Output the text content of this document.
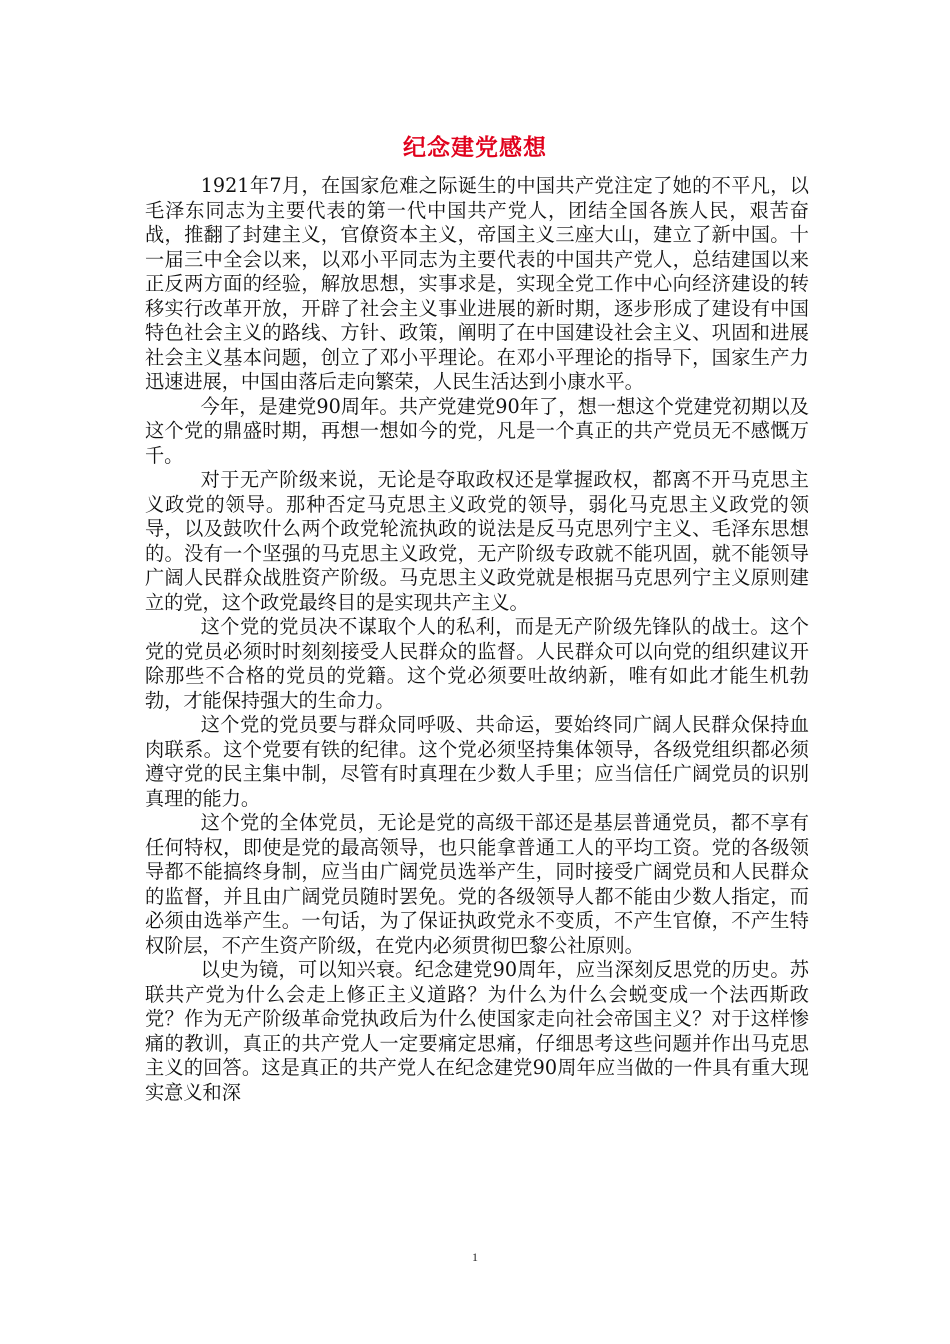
纪念建党感想

1921年7月，在国家危难之际诞生的中国共产党注定了她的不平凡，以毛泽东同志为主要代表的第一代中国共产党人，团结全国各族人民，艰苦奋战，推翻了封建主义，官僚资本主义，帝国主义三座大山，建立了新中国。十一届三中全会以来，以邓小平同志为主要代表的中国共产党人，总结建国以来正反两方面的经验，解放思想，实事求是，实现全党工作中心向经济建设的转移实行改革开放，开辟了社会主义事业进展的新时期，逐步形成了建设有中国特色社会主义的路线、方针、政策，阐明了在中国建设社会主义、巩固和进展社会主义基本问题，创立了邓小平理论。在邓小平理论的指导下，国家生产力迅速进展，中国由落后走向繁荣，人民生活达到小康水平。

今年，是建党90周年。共产党建党90年了，想一想这个党建党初期以及这个党的鼎盛时期，再想一想如今的党，凡是一个真正的共产党员无不感慨万千。

对于无产阶级来说，无论是夺取政权还是掌握政权，都离不开马克思主义政党的领导。那种否定马克思主义政党的领导，弱化马克思主义政党的领导，以及鼓吹什么两个政党轮流执政的说法是反马克思列宁主义、毛泽东思想的。没有一个坚强的马克思主义政党，无产阶级专政就不能巩固，就不能领导广阔人民群众战胜资产阶级。马克思主义政党就是根据马克思列宁主义原则建立的党，这个政党最终目的是实现共产主义。

这个党的党员决不谋取个人的私利，而是无产阶级先锋队的战士。这个党的党员必须时时刻刻接受人民群众的监督。人民群众可以向党的组织建议开除那些不合格的党员的党籍。这个党必须要吐故纳新，唯有如此才能生机勃勃，才能保持强大的生命力。

这个党的党员要与群众同呼吸、共命运，要始终同广阔人民群众保持血肉联系。这个党要有铁的纪律。这个党必须坚持集体领导，各级党组织都必须遵守党的民主集中制，尽管有时真理在少数人手里；应当信任广阔党员的识别真理的能力。

这个党的全体党员，无论是党的高级干部还是基层普通党员，都不享有任何特权，即使是党的最高领导，也只能拿普通工人的平均工资。党的各级领导都不能搞终身制，应当由广阔党员选举产生，同时接受广阔党员和人民群众的监督，并且由广阔党员随时罢免。党的各级领导人都不能由少数人指定，而必须由选举产生。一句话，为了保证执政党永不变质，不产生官僚，不产生特权阶层，不产生资产阶级，在党内必须贯彻巴黎公社原则。

以史为镜，可以知兴衰。纪念建党90周年，应当深刻反思党的历史。苏联共产党为什么会走上修正主义道路？为什么为什么会蜕变成一个法西斯政党？作为无产阶级革命党执政后为什么使国家走向社会帝国主义？对于这样惨痛的教训，真正的共产党人一定要痛定思痛，仔细思考这些问题并作出马克思主义的回答。这是真正的共产党人在纪念建党90周年应当做的一件具有重大现实意义和深

1
